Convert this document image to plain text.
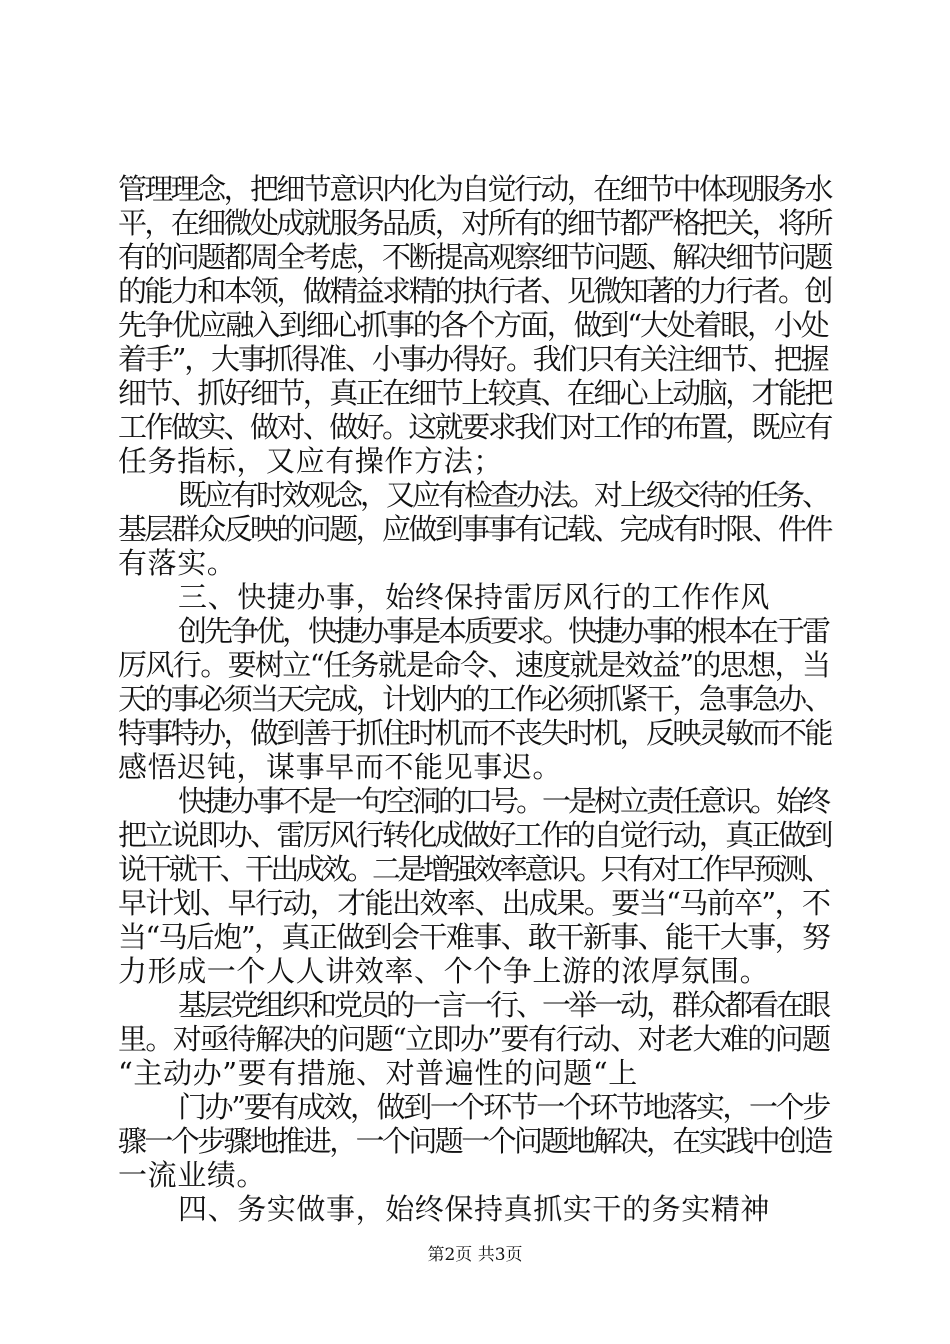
管理理念，把细节意识内化为自觉行动，在细节中体现服务水
平，在细微处成就服务品质，对所有的细节都严格把关，将所
有的问题都周全考虑，不断提高观察细节问题、解决细节问题
的能力和本领，做精益求精的执行者、见微知著的力行者。创
先争优应融入到细心抓事的各个方面，做到“大处着眼，小处
着手”，大事抓得准、小事办得好。我们只有关注细节、把握
细节、抓好细节，真正在细节上较真、在细心上动脑，才能把
工作做实、做对、做好。这就要求我们对工作的布置，既应有
任务指标，又应有操作方法；
既应有时效观念，又应有检查办法。对上级交待的任务、
基层群众反映的问题，应做到事事有记载、完成有时限、件件
有落实。
三、快捷办事，始终保持雷厉风行的工作作风
创先争优，快捷办事是本质要求。快捷办事的根本在于雷
厉风行。要树立“任务就是命令、速度就是效益”的思想，当
天的事必须当天完成，计划内的工作必须抓紧干，急事急办、
特事特办，做到善于抓住时机而不丧失时机，反映灵敏而不能
感悟迟钝，谋事早而不能见事迟。
快捷办事不是一句空洞的口号。一是树立责任意识。始终
把立说即办、雷厉风行转化成做好工作的自觉行动，真正做到
说干就干、干出成效。二是增强效率意识。只有对工作早预测、
早计划、早行动，才能出效率、出成果。要当“马前卒”，不
当“马后炮”，真正做到会干难事、敢干新事、能干大事，努
力形成一个人人讲效率、个个争上游的浓厚氛围。
基层党组织和党员的一言一行、一举一动，群众都看在眼
里。对亟待解决的问题“立即办”要有行动、对老大难的问题
“主动办”要有措施、对普遍性的问题“上
门办”要有成效，做到一个环节一个环节地落实，一个步
骤一个步骤地推进，一个问题一个问题地解决，在实践中创造
一流业绩。
四、务实做事，始终保持真抓实干的务实精神
第2页 共3页
